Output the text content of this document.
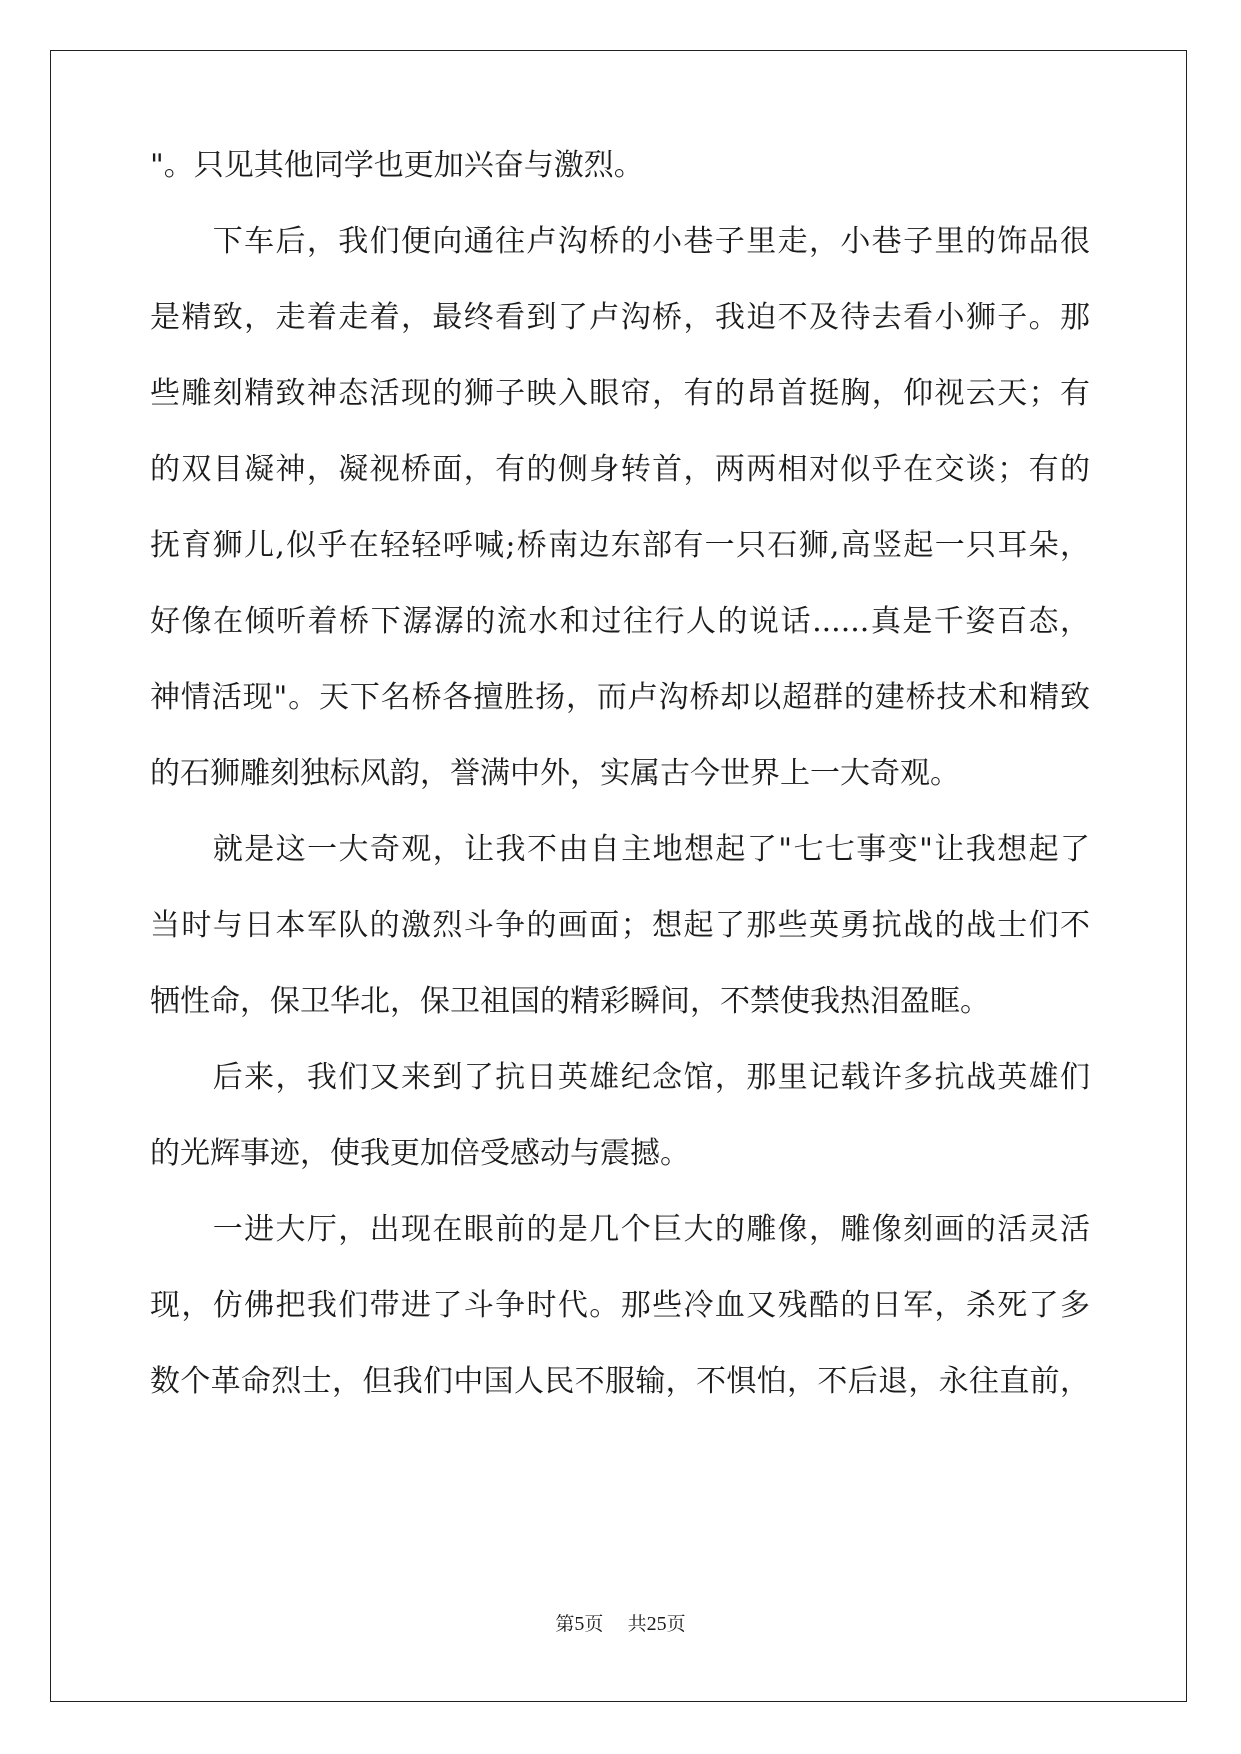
"。只见其他同学也更加兴奋与激烈。
　　下车后，我们便向通往卢沟桥的小巷子里走，小巷子里的饰品很
是精致，走着走着，最终看到了卢沟桥，我迫不及待去看小狮子。那
些雕刻精致神态活现的狮子映入眼帘，有的昂首挺胸，仰视云天；有
的双目凝神，凝视桥面，有的侧身转首，两两相对似乎在交谈；有的
抚育狮儿,似乎在轻轻呼喊;桥南边东部有一只石狮,高竖起一只耳朵，
好像在倾听着桥下潺潺的流水和过往行人的说话......真是千姿百态，
神情活现"。天下名桥各擅胜扬，而卢沟桥却以超群的建桥技术和精致
的石狮雕刻独标风韵，誉满中外，实属古今世界上一大奇观。
　　就是这一大奇观，让我不由自主地想起了"七七事变"让我想起了
当时与日本军队的激烈斗争的画面；想起了那些英勇抗战的战士们不
牺性命，保卫华北，保卫祖国的精彩瞬间，不禁使我热泪盈眶。
　　后来，我们又来到了抗日英雄纪念馆，那里记载许多抗战英雄们
的光辉事迹，使我更加倍受感动与震撼。
　　一进大厅，出现在眼前的是几个巨大的雕像，雕像刻画的活灵活
现，仿佛把我们带进了斗争时代。那些冷血又残酷的日军，杀死了多
数个革命烈士，但我们中国人民不服输，不惧怕，不后退，永往直前，
第5页 共25页
